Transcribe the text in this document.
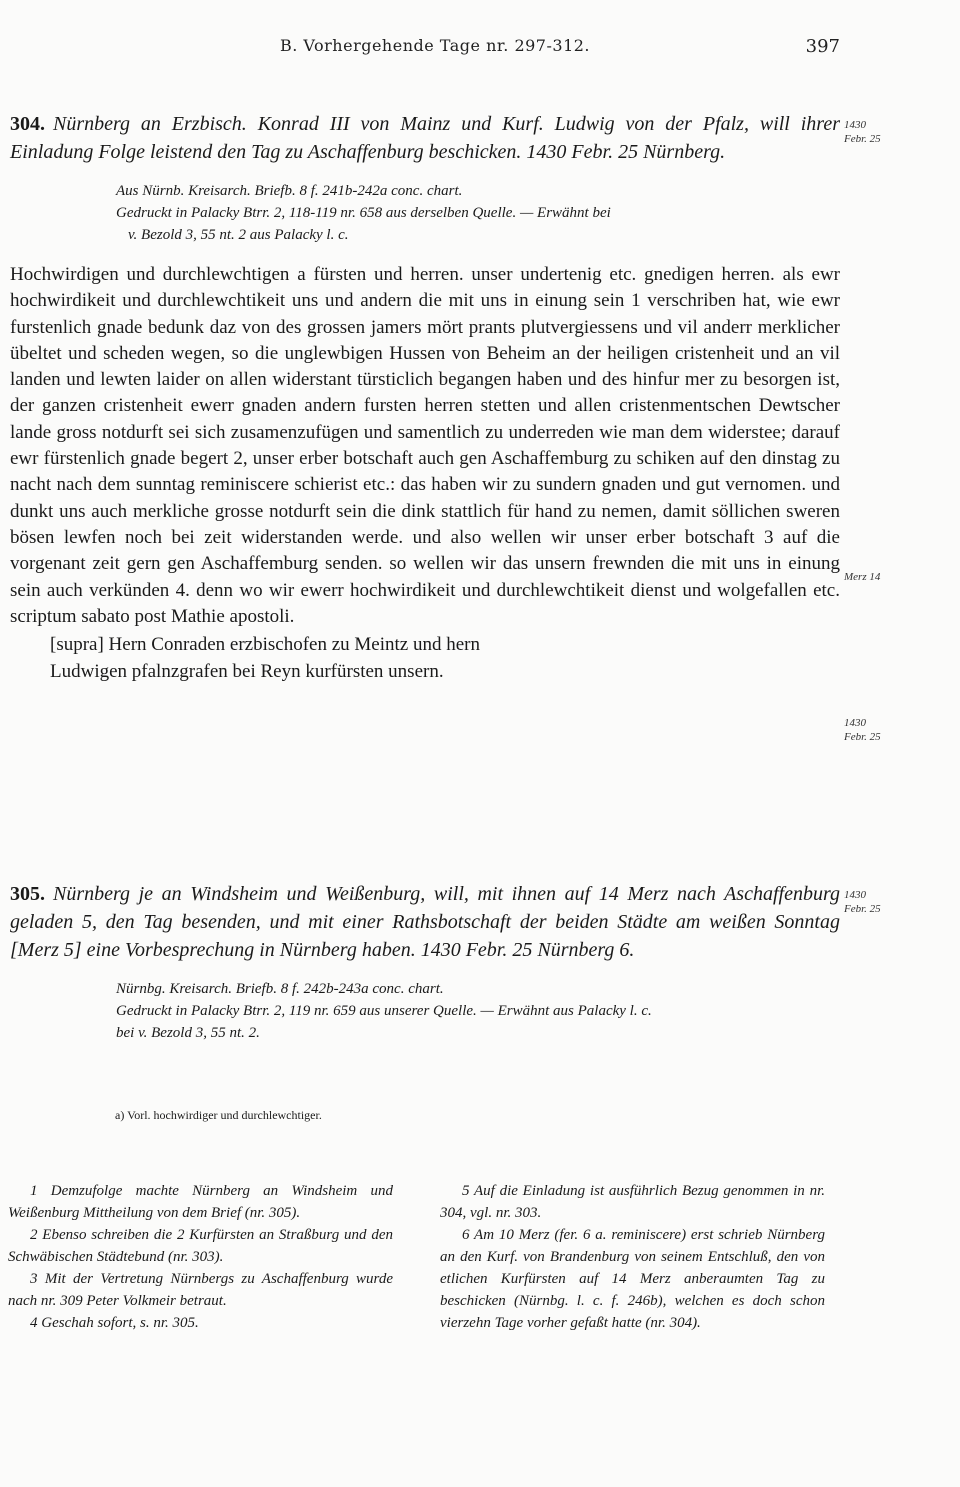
B. Vorhergehende Tage nr. 297-312.	397
304. Nürnberg an Erzbisch. Konrad III von Mainz und Kurf. Ludwig von der Pfalz, will ihrer Einladung Folge leistend den Tag zu Aschaffenburg beschicken. 1430 Febr. 25 Nürnberg.
Aus Nürnb. Kreisarch. Briefb. 8 f. 241b-242a conc. chart.
Gedruckt in Palacky Btrr. 2, 118-119 nr. 658 aus derselben Quelle. — Erwähnt bei
v. Bezold 3, 55 nt. 2 aus Palacky l. c.
Hochwirdigen und durchlewchtigen a fürsten und herren. unser undertenig etc. gnedigen herren. als ewr hochwirdikeit und durchlewchtikeit uns und andern die mit uns in einung sein 1 verschriben hat, wie ewr furstenlich gnade bedunk daz von des grossen jamers mört prants plutvergiessens und vil anderr merklicher übeltet und scheden wegen, so die unglewbigen Hussen von Beheim an der heiligen cristenheit und an vil landen und lewten laider on allen widerstant türsticlich begangen haben und des hinfur mer zu besorgen ist, der ganzen cristenheit ewerr gnaden andern fursten herren stetten und allen cristenmentschen Dewtscher lande gross notdurft sei sich zusamenzufügen und samentlich zu underreden wie man dem widerstee; darauf ewr fürstenlich gnade begert 2, unser erber botschaft auch gen Aschaffemburg zu schiken auf den dinstag zu nacht nach dem sunntag reminiscere schierist etc.: das haben wir zu sundern gnaden und gut vernomen. und dunkt uns auch merkliche grosse notdurft sein die dink stattlich für hand zu nemen, damit söllichen sweren bösen lewfen noch bei zeit widerstanden werde. und also wellen wir unser erber botschaft 3 auf die vorgenant zeit gern gen Aschaffemburg senden. so wellen wir das unsern frewnden die mit uns in einung sein auch verkünden 4. denn wo wir ewerr hochwirdikeit und durchlewchtikeit dienst und wolgefallen etc. scriptum sabato post Mathie apostoli.
[supra] Hern Conraden erzbischofen zu Meintz und hern Ludwigen pfalnzgrafen bei Reyn kurfürsten unsern.
1430
Febr. 25
Merz 14
1430
Febr. 25
305. Nürnberg je an Windsheim und Weißenburg, will, mit ihnen auf 14 Merz nach Aschaffenburg geladen 5, den Tag besenden, und mit einer Rathsbotschaft der beiden Städte am weißen Sonntag [Merz 5] eine Vorbesprechung in Nürnberg haben. 1430 Febr. 25 Nürnberg 6.
Nürnbg. Kreisarch. Briefb. 8 f. 242b-243a conc. chart.
Gedruckt in Palacky Btrr. 2, 119 nr. 659 aus unserer Quelle. — Erwähnt aus Palacky l. c.
bei v. Bezold 3, 55 nt. 2.
1430
Febr. 25
a) Vorl. hochwirdiger und durchlewchtiger.
1 Demzufolge machte Nürnberg an Windsheim und Weißenburg Mittheilung von dem Brief (nr. 305).
2 Ebenso schreiben die 2 Kurfürsten an Straßburg und den Schwäbischen Städtebund (nr. 303).
3 Mit der Vertretung Nürnbergs zu Aschaffenburg wurde nach nr. 309 Peter Volkmeir betraut.
4 Geschah sofort, s. nr. 305.
5 Auf die Einladung ist ausführlich Bezug genommen in nr. 304, vgl. nr. 303.
6 Am 10 Merz (fer. 6 a. reminiscere) erst schrieb Nürnberg an den Kurf. von Brandenburg von seinem Entschluß, den von etlichen Kurfürsten auf 14 Merz anberaumten Tag zu beschicken (Nürnbg. l. c. f. 246b), welchen es doch schon vierzehn Tage vorher gefaßt hatte (nr. 304).
